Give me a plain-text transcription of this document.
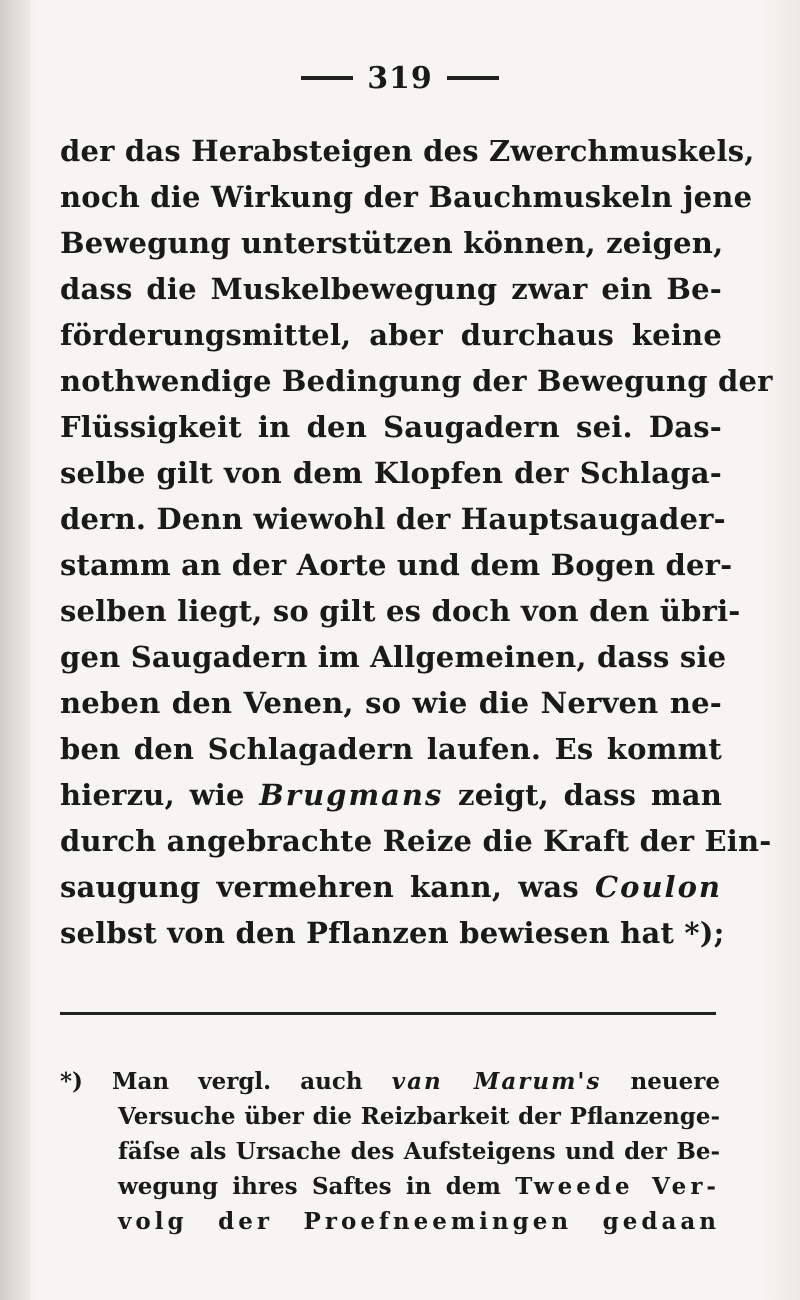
319
der das Herabsteigen des Zwerchmuskels,
noch die Wirkung der Bauchmuskeln jene
Bewegung unterstützen können, zeigen,
dass die Muskelbewegung zwar ein Be-
förderungsmittel, aber durchaus keine
nothwendige Bedingung der Bewegung der
Flüssigkeit in den Saugadern sei. Das-
selbe gilt von dem Klopfen der Schlaga-
dern. Denn wiewohl der Hauptsaugader-
stamm an der Aorte und dem Bogen der-
selben liegt, so gilt es doch von den übri-
gen Saugadern im Allgemeinen, dass sie
neben den Venen, so wie die Nerven ne-
ben den Schlagadern laufen. Es kommt
hierzu, wie Brugmans zeigt, dass man
durch angebrachte Reize die Kraft der Ein-
saugung vermehren kann, was Coulon
selbst von den Pflanzen bewiesen hat *);
*) Man vergl. auch van Marum's neuere
Versuche über die Reizbarkeit der Pflanzenge-
fäſse als Ursache des Aufsteigens und der Be-
wegung ihres Saftes in dem Tweede Ver-
volg der Proefneemingen gedaan
